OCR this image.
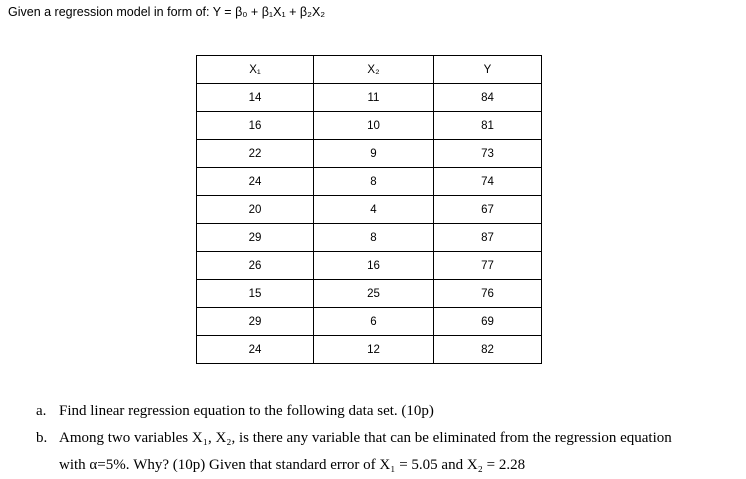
Given a regression model in form of: Y = β₀ + β₁X₁ + β₂X₂
X₁	X₂	Y
14	11	84
16	10	81
22	9	73
24	8	74
20	4	67
29	8	87
26	16	77
15	25	76
29	6	69
24	12	82
a. Find linear regression equation to the following data set. (10p)
b. Among two variables X₁, X₂, is there any variable that can be eliminated from the regression equation
with α=5%. Why? (10p) Given that standard error of X₁ = 5.05 and X₂ = 2.28
